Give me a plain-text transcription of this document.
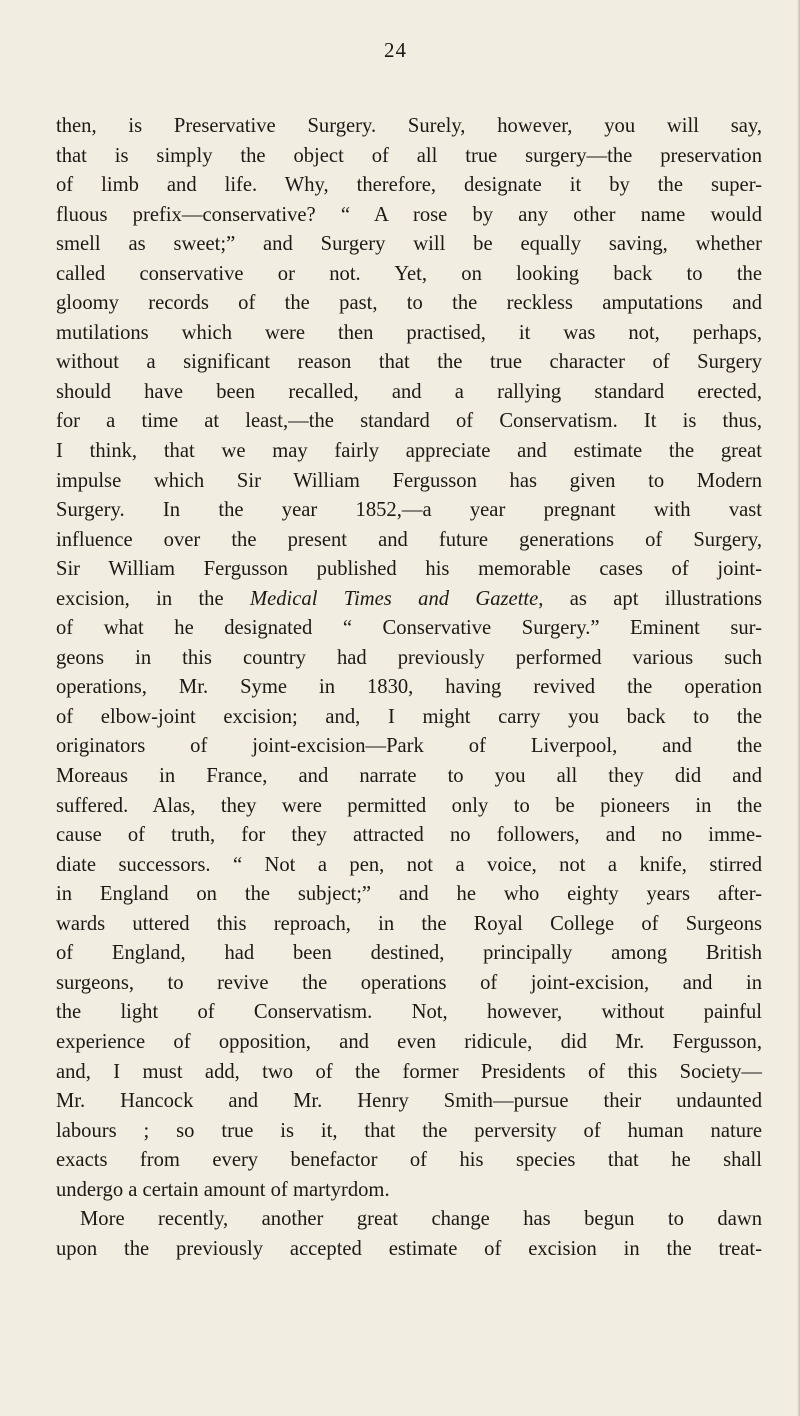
24
then, is Preservative Surgery. Surely, however, you will say,
that is simply the object of all true surgery—the preservation
of limb and life. Why, therefore, designate it by the super-
fluous prefix—conservative? “ A rose by any other name would
smell as sweet;” and Surgery will be equally saving, whether
called conservative or not. Yet, on looking back to the
gloomy records of the past, to the reckless amputations and
mutilations which were then practised, it was not, perhaps,
without a significant reason that the true character of Surgery
should have been recalled, and a rallying standard erected,
for a time at least,—the standard of Conservatism. It is thus,
I think, that we may fairly appreciate and estimate the great
impulse which Sir William Fergusson has given to Modern
Surgery. In the year 1852,—a year pregnant with vast
influence over the present and future generations of Surgery,
Sir William Fergusson published his memorable cases of joint-
excision, in the Medical Times and Gazette, as apt illustrations
of what he designated “ Conservative Surgery.” Eminent sur-
geons in this country had previously performed various such
operations, Mr. Syme in 1830, having revived the operation
of elbow-joint excision; and, I might carry you back to the
originators of joint-excision—Park of Liverpool, and the
Moreaus in France, and narrate to you all they did and
suffered. Alas, they were permitted only to be pioneers in the
cause of truth, for they attracted no followers, and no imme-
diate successors. “ Not a pen, not a voice, not a knife, stirred
in England on the subject;” and he who eighty years after-
wards uttered this reproach, in the Royal College of Surgeons
of England, had been destined, principally among British
surgeons, to revive the operations of joint-excision, and in
the light of Conservatism. Not, however, without painful
experience of opposition, and even ridicule, did Mr. Fergusson,
and, I must add, two of the former Presidents of this Society—
Mr. Hancock and Mr. Henry Smith—pursue their undaunted
labours ; so true is it, that the perversity of human nature
exacts from every benefactor of his species that he shall
undergo a certain amount of martyrdom.
More recently, another great change has begun to dawn
upon the previously accepted estimate of excision in the treat-
